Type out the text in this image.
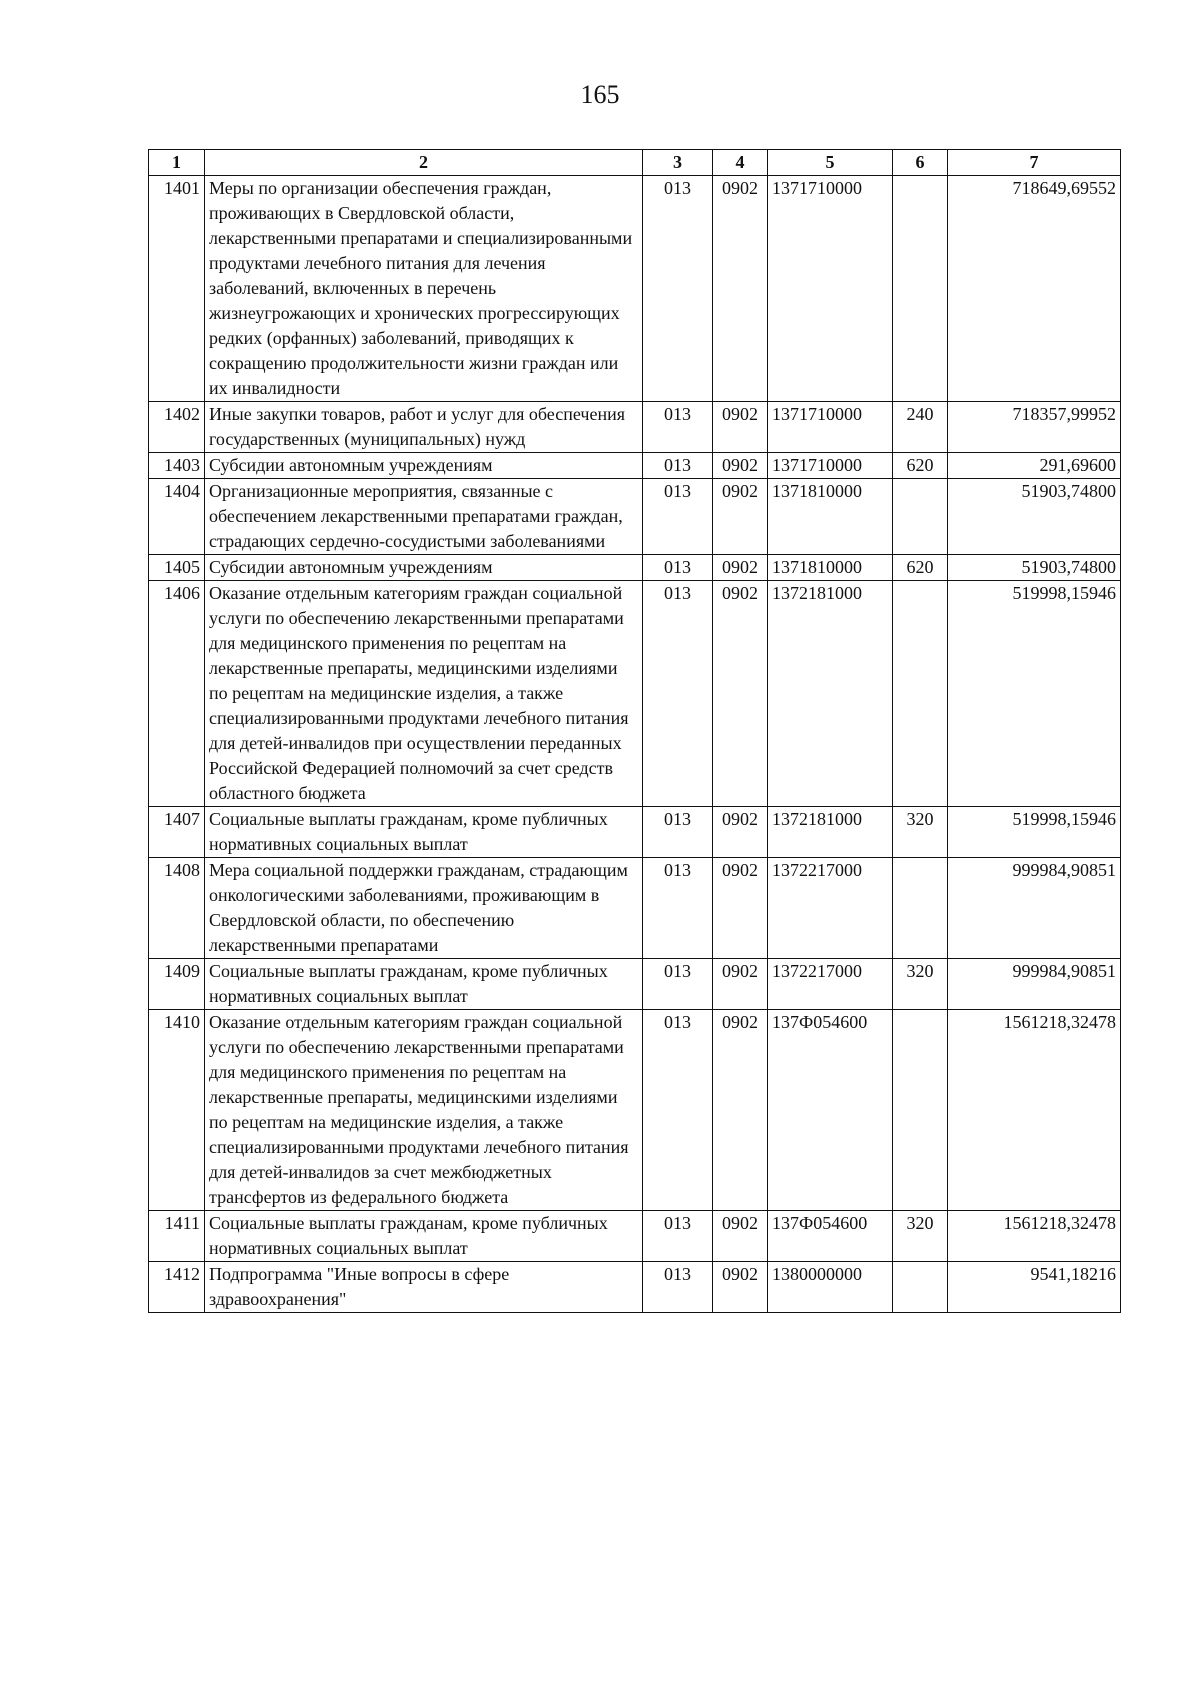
165
1	2	3	4	5	6	7
1401	Меры по организации обеспечения граждан, проживающих в Свердловской области, лекарственными препаратами и специализированными продуктами лечебного питания для лечения заболеваний, включенных в перечень жизнеугрожающих и хронических прогрессирующих редких (орфанных) заболеваний, приводящих к сокращению продолжительности жизни граждан или их инвалидности	013	0902	1371710000		718649,69552
1402	Иные закупки товаров, работ и услуг для обеспечения государственных (муниципальных) нужд	013	0902	1371710000	240	718357,99952
1403	Субсидии автономным учреждениям	013	0902	1371710000	620	291,69600
1404	Организационные мероприятия, связанные с обеспечением лекарственными препаратами граждан, страдающих сердечно-сосудистыми заболеваниями	013	0902	1371810000		51903,74800
1405	Субсидии автономным учреждениям	013	0902	1371810000	620	51903,74800
1406	Оказание отдельным категориям граждан социальной услуги по обеспечению лекарственными препаратами для медицинского применения по рецептам на лекарственные препараты, медицинскими изделиями по рецептам на медицинские изделия, а также специализированными продуктами лечебного питания для детей-инвалидов при осуществлении переданных Российской Федерацией полномочий за счет средств областного бюджета	013	0902	1372181000		519998,15946
1407	Социальные выплаты гражданам, кроме публичных нормативных социальных выплат	013	0902	1372181000	320	519998,15946
1408	Мера социальной поддержки гражданам, страдающим онкологическими заболеваниями, проживающим в Свердловской области, по обеспечению лекарственными препаратами	013	0902	1372217000		999984,90851
1409	Социальные выплаты гражданам, кроме публичных нормативных социальных выплат	013	0902	1372217000	320	999984,90851
1410	Оказание отдельным категориям граждан социальной услуги по обеспечению лекарственными препаратами для медицинского применения по рецептам на лекарственные препараты, медицинскими изделиями по рецептам на медицинские изделия, а также специализированными продуктами лечебного питания для детей-инвалидов за счет межбюджетных трансфертов из федерального бюджета	013	0902	137Ф054600		1561218,32478
1411	Социальные выплаты гражданам, кроме публичных нормативных социальных выплат	013	0902	137Ф054600	320	1561218,32478
1412	Подпрограмма "Иные вопросы в сфере здравоохранения"	013	0902	1380000000		9541,18216
